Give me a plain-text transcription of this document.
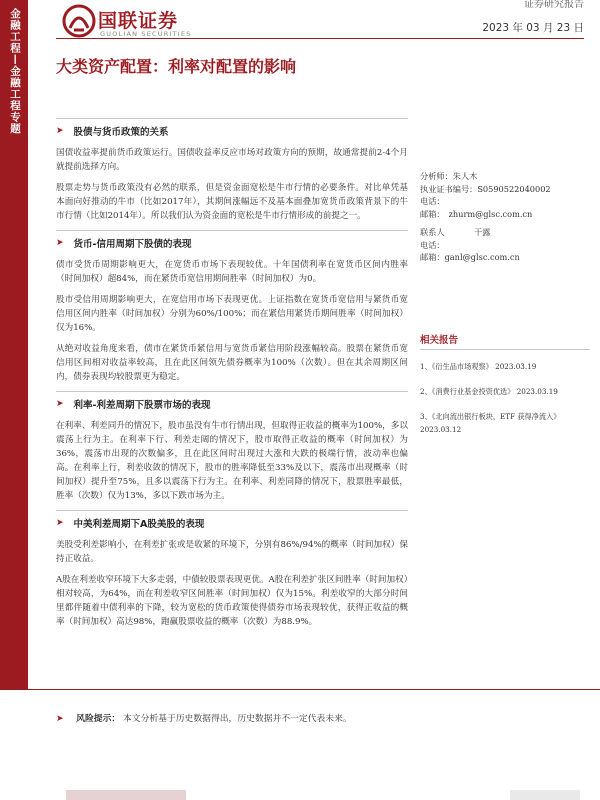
金融工程—金融工程专题
证券研究报告
国联证券
GUOLIAN SECURITIES	2023 年 03 月 23 日
大类资产配置：利率对配置的影响
➤ 股债与货币政策的关系

国债收益率提前货币政策运行。国债收益率反应市场对政策方向的预期，故通常提前2-4个月就提前选择方向。

股票走势与货币政策没有必然的联系，但是资金面宽松是牛市行情的必要条件。对比单凭基本面向好推动的牛市（比如2017年），其期间涨幅远不及基本面叠加宽货币政策背景下的牛市行情（比如2014年）。所以我们认为资金面的宽松是牛市行情形成的前提之一。

➤ 货币-信用周期下股债的表现

债市受货币周期影响更大，在宽货币市场下表现较优。十年国债利率在宽货币区间内胜率（时间加权）超84%，而在紧货币宽信用期间胜率（时间加权）为0。

股市受信用周期影响更大，在宽信用市场下表现更优。上证指数在宽货币宽信用与紧货币宽信用区间内胜率（时间加权）分别为60%/100%；而在紧信用紧货币期间胜率（时间加权）仅为16%。

从绝对收益角度来看，债市在紧货币紧信用与宽货币紧信用阶段涨幅较高。股票在紧货币宽信用区间相对收益率较高，且在此区间领先债券概率为100%（次数）。但在其余周期区间内，债券表现均较股票更为稳定。

➤ 利率-利差周期下股票市场的表现

在利率、利差同升的情况下，股市虽没有牛市行情出现，但取得正收益的概率为100%，多以震荡上行为主。在利率下行、利差走阔的情况下，股市取得正收益的概率（时间加权）为36%，震荡市出现的次数偏多，且在此区间时出现过大涨和大跌的极端行情，波动率也偏高。在利率上行，利差收敛的情况下，股市的胜率降低至33%及以下，震荡市出现概率（时间加权）提升至75%，且多以震荡下行为主。在利率、利差同降的情况下，股票胜率最低，胜率（次数）仅为13%，多以下跌市场为主。

➤ 中美利差周期下A股美股的表现

美股受利差影响小，在利差扩张或是收紧的环境下，分别有86%/94%的概率（时间加权）保持正收益。

A股在利差收窄环境下大多走弱，中債较股票表现更优。A股在利差扩张区间胜率（时间加权）相对较高，为64%，而在利差收窄区间胜率（时间加权）仅为15%。利差收窄的大部分时间里都伴随着中债利率的下降，较为宽松的货币政策使得债券市场表现较优，获得正收益的概率（时间加权）高达98%，跑赢股票收益的概率（次数）为88.9%。

分析师：朱人木
执业证书编号：S0590522040002
电话：
邮箱： zhurm@glsc.com.cn
联系人	干露
电话：
邮箱：ganl@glsc.com.cn
相关报告
1、《衍生品市场观察》 2023.03.19
2、《消费行业基金投资优选》 2023.03.19
3、《北向流出银行板块，ETF 获得净流入》
2023.03.12
➤ 风险提示： 本文分析基于历史数据得出，历史数据并不一定代表未来。
